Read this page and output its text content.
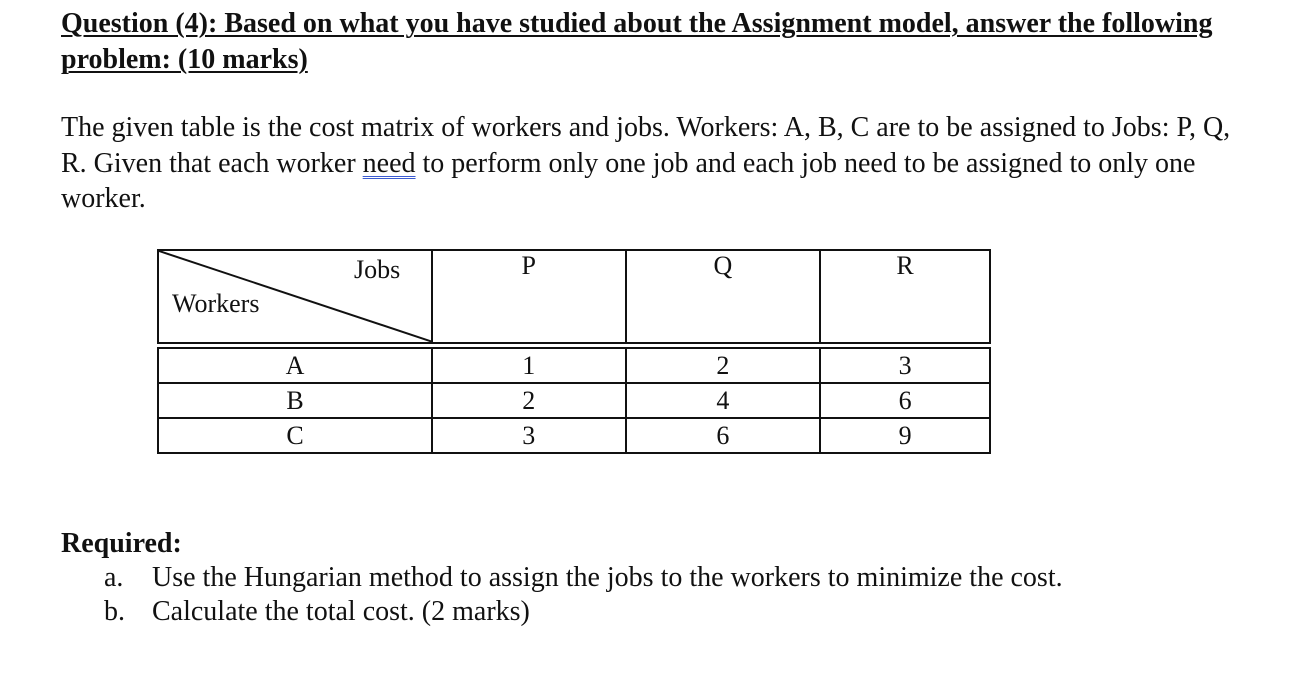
Question (4): Based on what you have studied about the Assignment model, answer the following problem: (10 marks)

The given table is the cost matrix of workers and jobs. Workers: A, B, C are to be assigned to Jobs: P, Q, R. Given that each worker need to perform only one job and each job need to be assigned to only one worker.

Jobs
Workers	P	Q	R

A	1	2	3
B	2	4	6
C	3	6	9

Required:

a. Use the Hungarian method to assign the jobs to the workers to minimize the cost.
b. Calculate the total cost. (2 marks)
